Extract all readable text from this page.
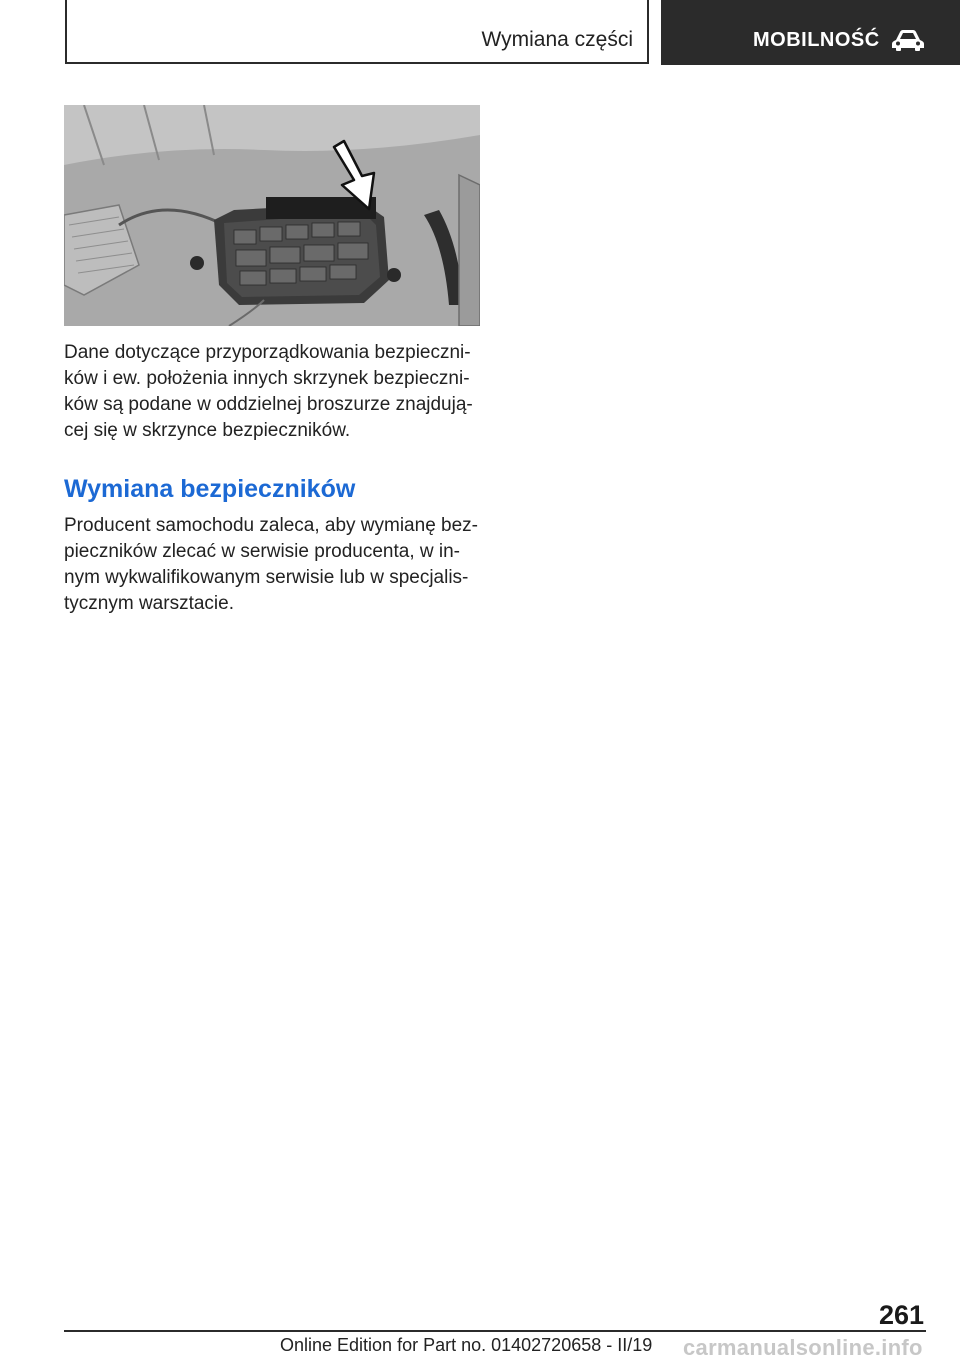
Wymiana części	MOBILNOŚĆ
Dane dotyczące przyporządkowania bezpieczni‐
ków i ew. położenia innych skrzynek bezpieczni‐
ków są podane w oddzielnej broszurze znajdują‐
cej się w skrzynce bezpieczników.
Wymiana bezpieczników
Producent samochodu zaleca, aby wymianę bez‐
pieczników zlecać w serwisie producenta, w in‐
nym wykwalifikowanym serwisie lub w specjalis‐
tycznym warsztacie.
261
Online Edition for Part no. 01402720658 - II/19 carmanualsonline.info
